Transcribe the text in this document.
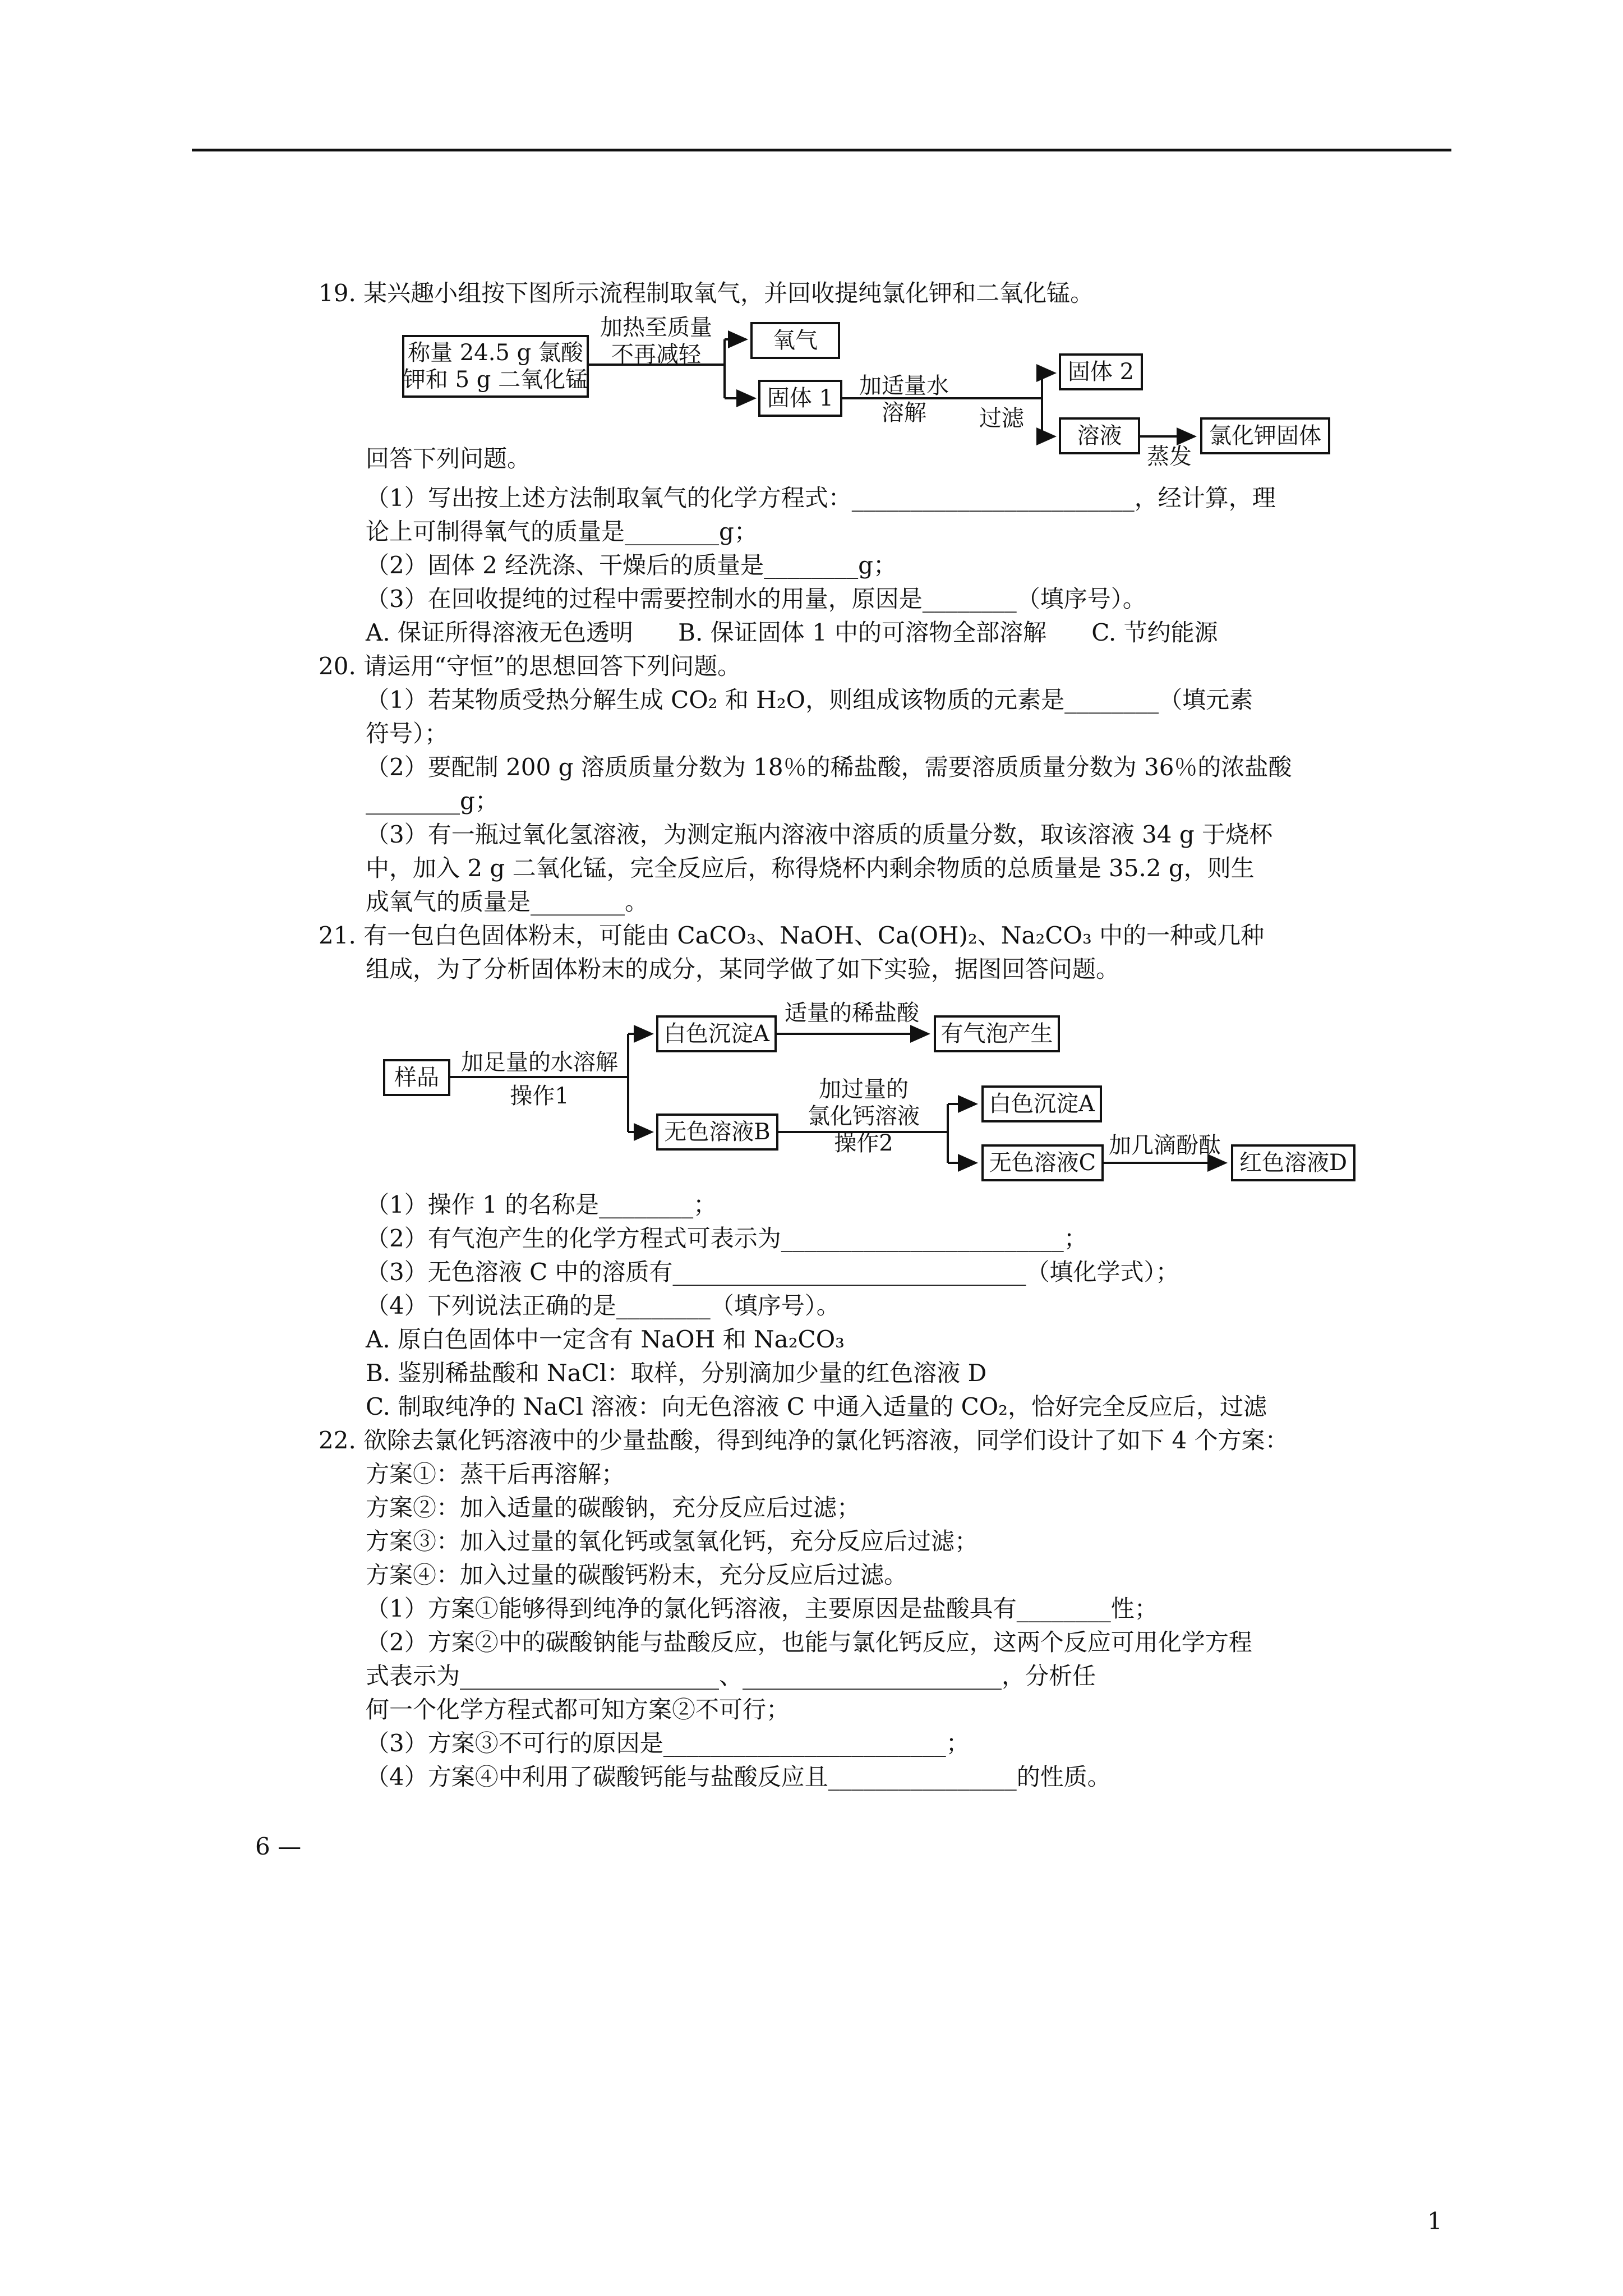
19. 某兴趣小组按下图所示流程制取氧气，并回收提纯氯化钾和二氧化锰。
称量 24.5 g 氯酸
钾和 5 g 二氧化锰
加热至质量
不再减轻
氧气
固体 1	加适量水
溶解	过滤
固体 2
溶液
蒸发
氯化钾固体
回答下列问题。
（1）写出按上述方法制取氧气的化学方程式：________________________，经计算，理
论上可制得氧气的质量是________g；
（2）固体 2 经洗涤、干燥后的质量是________g；
（3）在回收提纯的过程中需要控制水的用量，原因是________（填序号）。
A. 保证所得溶液无色透明      B. 保证固体 1 中的可溶物全部溶解      C. 节约能源
20. 请运用“守恒”的思想回答下列问题。
（1）若某物质受热分解生成 CO₂ 和 H₂O，则组成该物质的元素是________（填元素
符号）；
（2）要配制 200 g 溶质质量分数为 18％的稀盐酸，需要溶质质量分数为 36％的浓盐酸
________g；
（3）有一瓶过氧化氢溶液，为测定瓶内溶液中溶质的质量分数，取该溶液 34 g 于烧杯
中，加入 2 g 二氧化锰，完全反应后，称得烧杯内剩余物质的总质量是 35.2 g，则生
成氧气的质量是________。
21. 有一包白色固体粉末，可能由 CaCO₃、NaOH、Ca(OH)₂、Na₂CO₃ 中的一种或几种
组成，为了分析固体粉末的成分，某同学做了如下实验，据图回答问题。
样品
加足量的水溶解
操作1
白色沉淀A
适量的稀盐酸
有气泡产生
无色溶液B
加过量的
氯化钙溶液
操作2
白色沉淀A
无色溶液C
加几滴酚酞
红色溶液D
（1）操作 1 的名称是________；
（2）有气泡产生的化学方程式可表示为________________________；
（3）无色溶液 C 中的溶质有______________________________（填化学式）；
（4）下列说法正确的是________（填序号）。
A. 原白色固体中一定含有 NaOH 和 Na₂CO₃
B. 鉴别稀盐酸和 NaCl：取样，分别滴加少量的红色溶液 D
C. 制取纯净的 NaCl 溶液：向无色溶液 C 中通入适量的 CO₂，恰好完全反应后，过滤
22. 欲除去氯化钙溶液中的少量盐酸，得到纯净的氯化钙溶液，同学们设计了如下 4 个方案：
方案①：蒸干后再溶解；
方案②：加入适量的碳酸钠，充分反应后过滤；
方案③：加入过量的氧化钙或氢氧化钙，充分反应后过滤；
方案④：加入过量的碳酸钙粉末，充分反应后过滤。
（1）方案①能够得到纯净的氯化钙溶液，主要原因是盐酸具有________性；
（2）方案②中的碳酸钠能与盐酸反应，也能与氯化钙反应，这两个反应可用化学方程
式表示为______________________、______________________，分析任
何一个化学方程式都可知方案②不可行；
（3）方案③不可行的原因是________________________；
（4）方案④中利用了碳酸钙能与盐酸反应且________________的性质。
6 —
1
